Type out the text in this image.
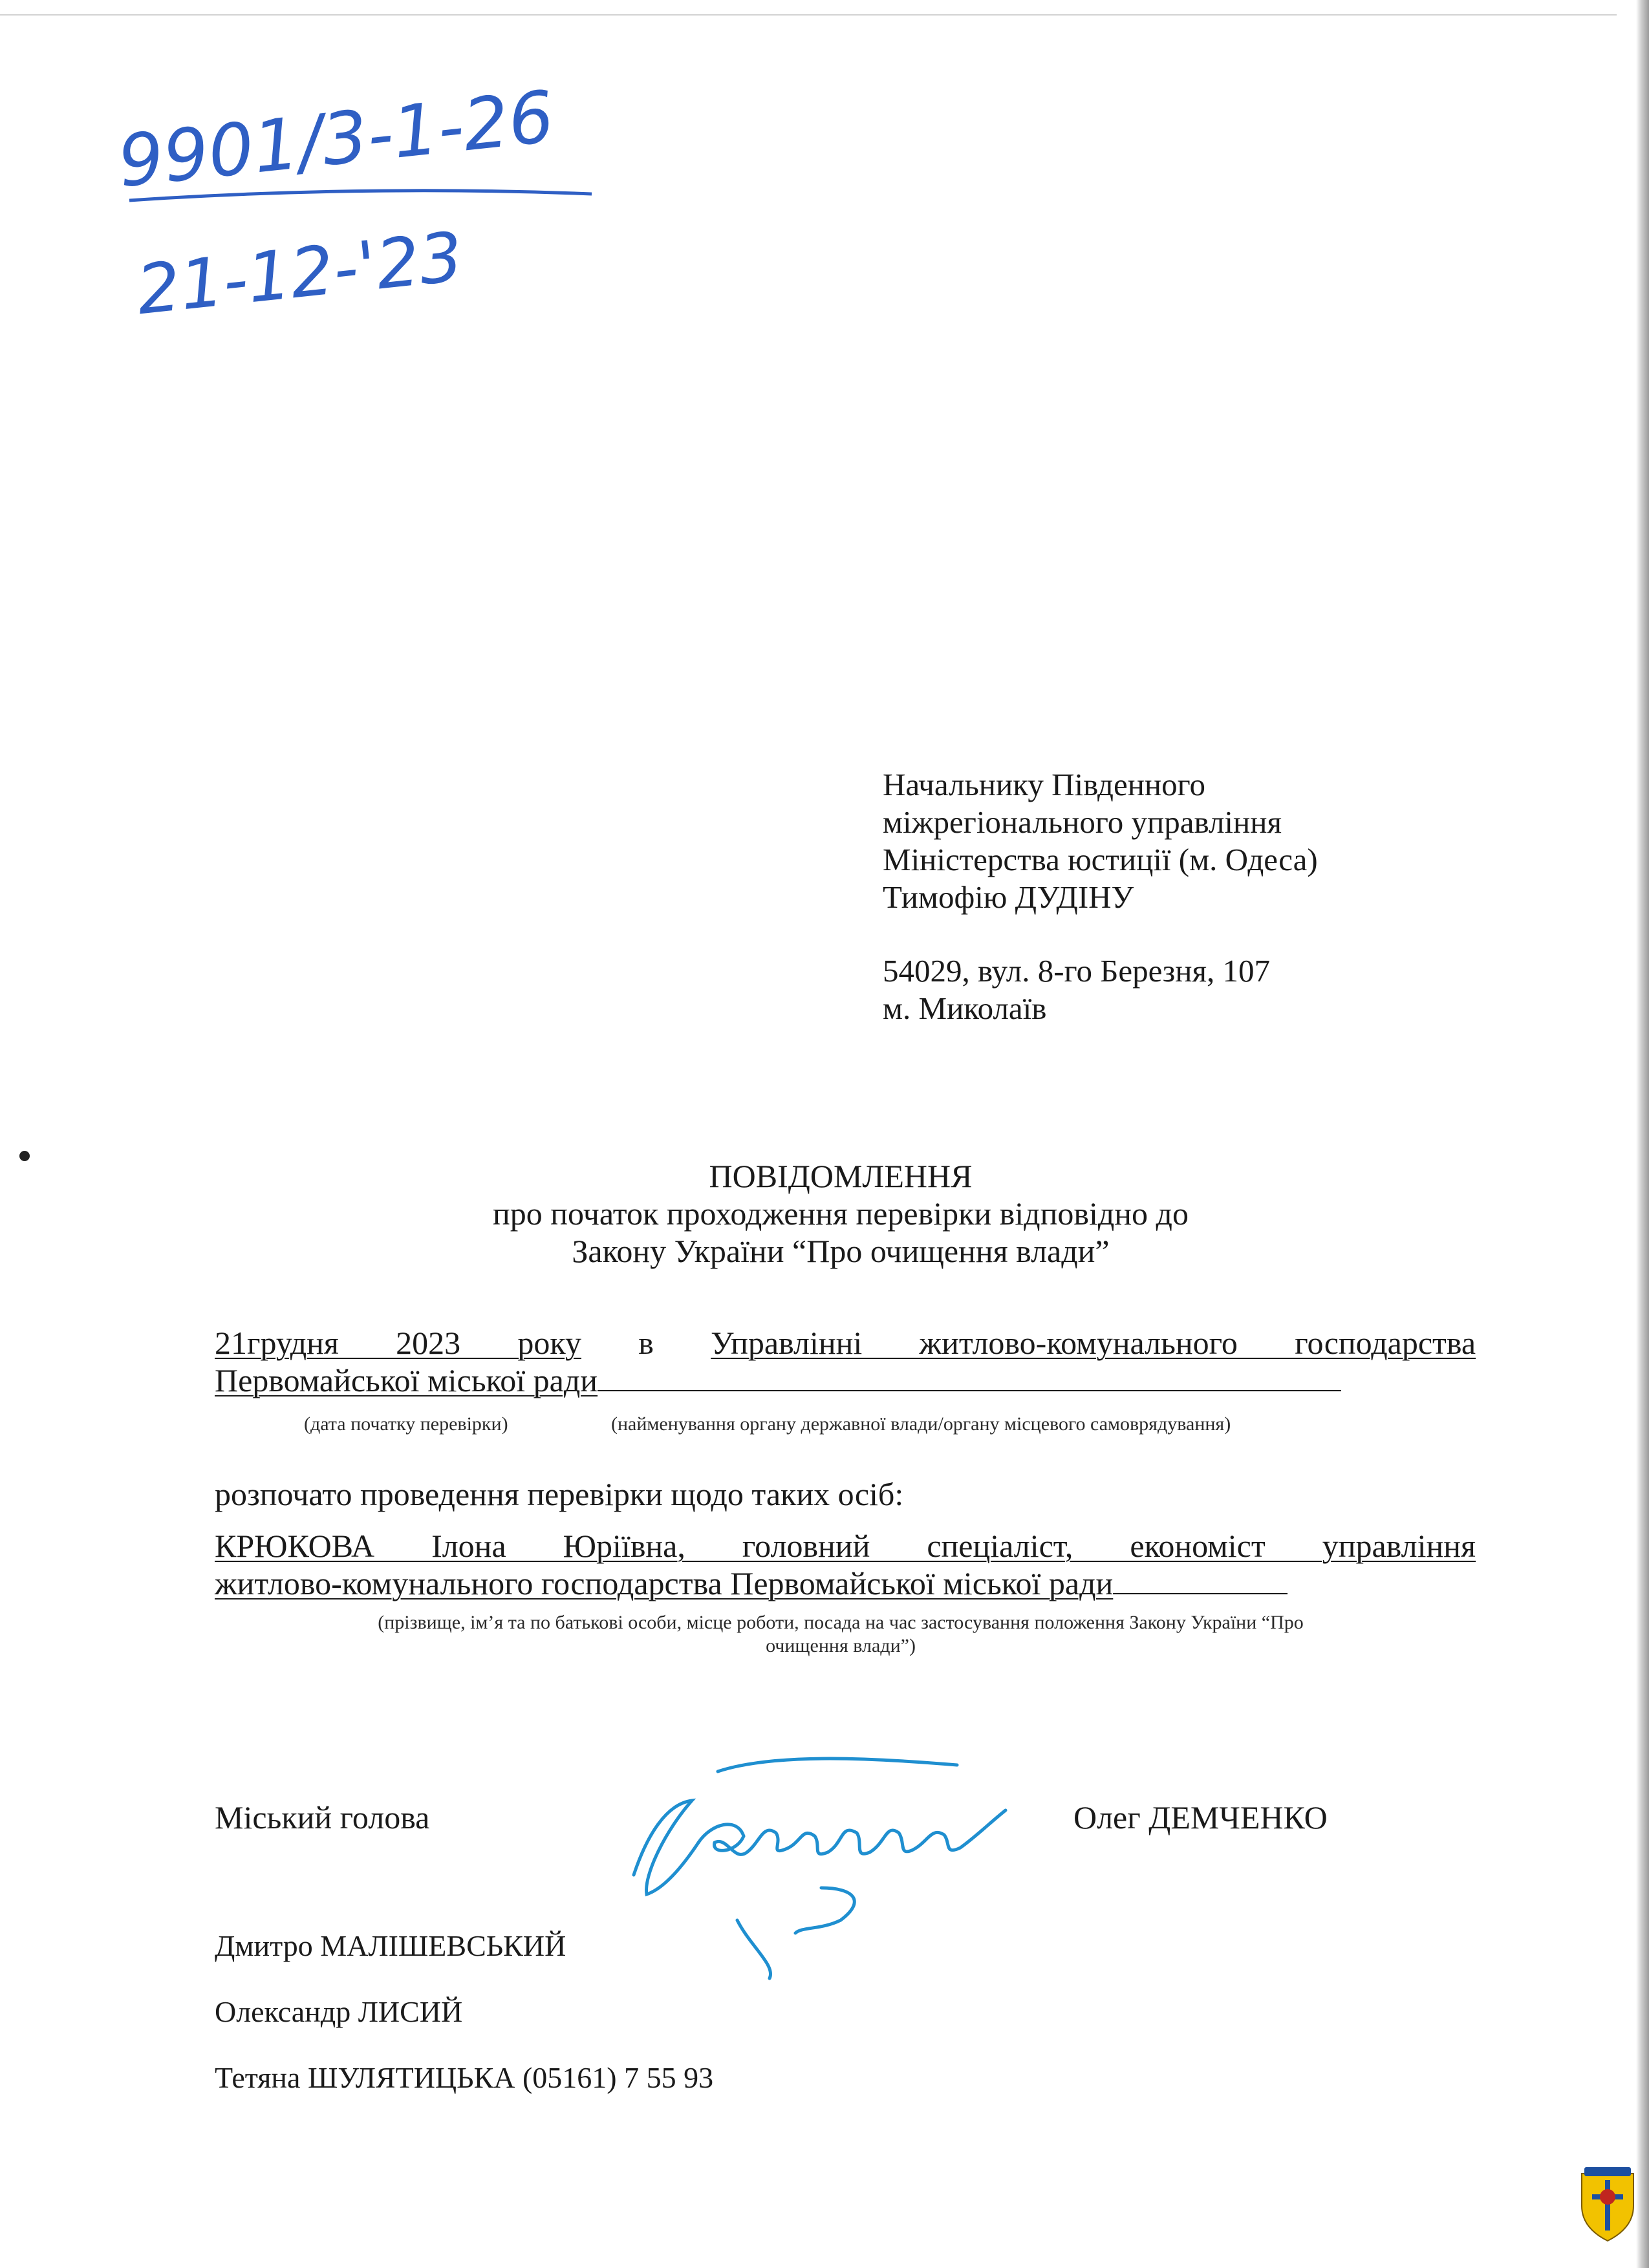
9901/3-1-26
21-12-'23
Начальнику Південного
міжрегіонального управління
Міністерства юстиції (м. Одеса)
Тимофію ДУДІНУ
54029, вул. 8-го Березня, 107
м. Миколаїв
ПОВІДОМЛЕННЯ
про початок проходження перевірки відповідно до
Закону України “Про очищення влади”
21грудня 2023 року в Управлінні житлово-комунального господарства
Первомайської міської ради
(дата початку перевірки)	(найменування органу державної влади/органу місцевого самоврядування)
розпочато проведення перевірки щодо таких осіб:
КРЮКОВА Ілона Юріївна, головний спеціаліст, економіст управління
житлово-комунального господарства Первомайської міської ради
(прізвище, ім’я та по батькові особи, місце роботи, посада на час застосування положення Закону України “Про
очищення влади”)
Міський голова	Олег ДЕМЧЕНКО
Дмитро МАЛІШЕВСЬКИЙ
Олександр ЛИСИЙ
Тетяна ШУЛЯТИЦЬКА (05161) 7 55 93
